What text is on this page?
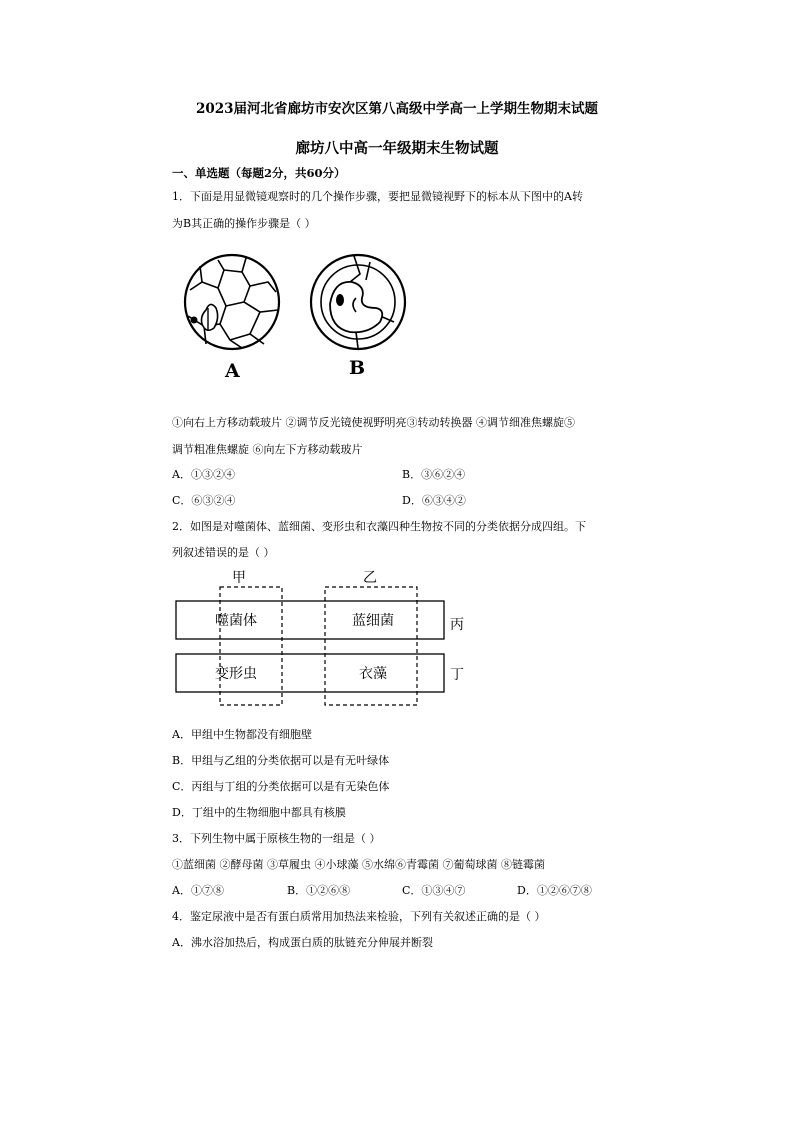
2023届河北省廊坊市安次区第八高级中学高一上学期生物期末试题
廊坊八中高一年级期末生物试题
一、单选题（每题2分，共60分）
1．下面是用显微镜观察时的几个操作步骤，要把显微镜视野下的标本从下图中的A转
为B其正确的操作步骤是（ ）
A	B
①向右上方移动载玻片 ②调节反光镜使视野明亮③转动转换器 ④调节细准焦螺旋⑤
调节粗准焦螺旋 ⑥向左下方移动载玻片
A．①③②④	B．③⑥②④
C．⑥③②④	D．⑥③④②
2．如图是对噬菌体、蓝细菌、变形虫和衣藻四种生物按不同的分类依据分成四组。下
列叙述错误的是（ ）
甲	乙
丙
丁
噬菌体	蓝细菌
变形虫	衣藻
A．甲组中生物都没有细胞壁
B．甲组与乙组的分类依据可以是有无叶绿体
C．丙组与丁组的分类依据可以是有无染色体
D．丁组中的生物细胞中都具有核膜
3．下列生物中属于原核生物的一组是（ ）
①蓝细菌 ②酵母菌 ③草履虫 ④小球藻 ⑤水绵⑥青霉菌 ⑦葡萄球菌 ⑧链霉菌
A．①⑦⑧	B．①②⑥⑧	C．①③④⑦	D．①②⑥⑦⑧
4．鉴定尿液中是否有蛋白质常用加热法来检验，下列有关叙述正确的是（ ）
A．沸水浴加热后，构成蛋白质的肽链充分伸展并断裂
